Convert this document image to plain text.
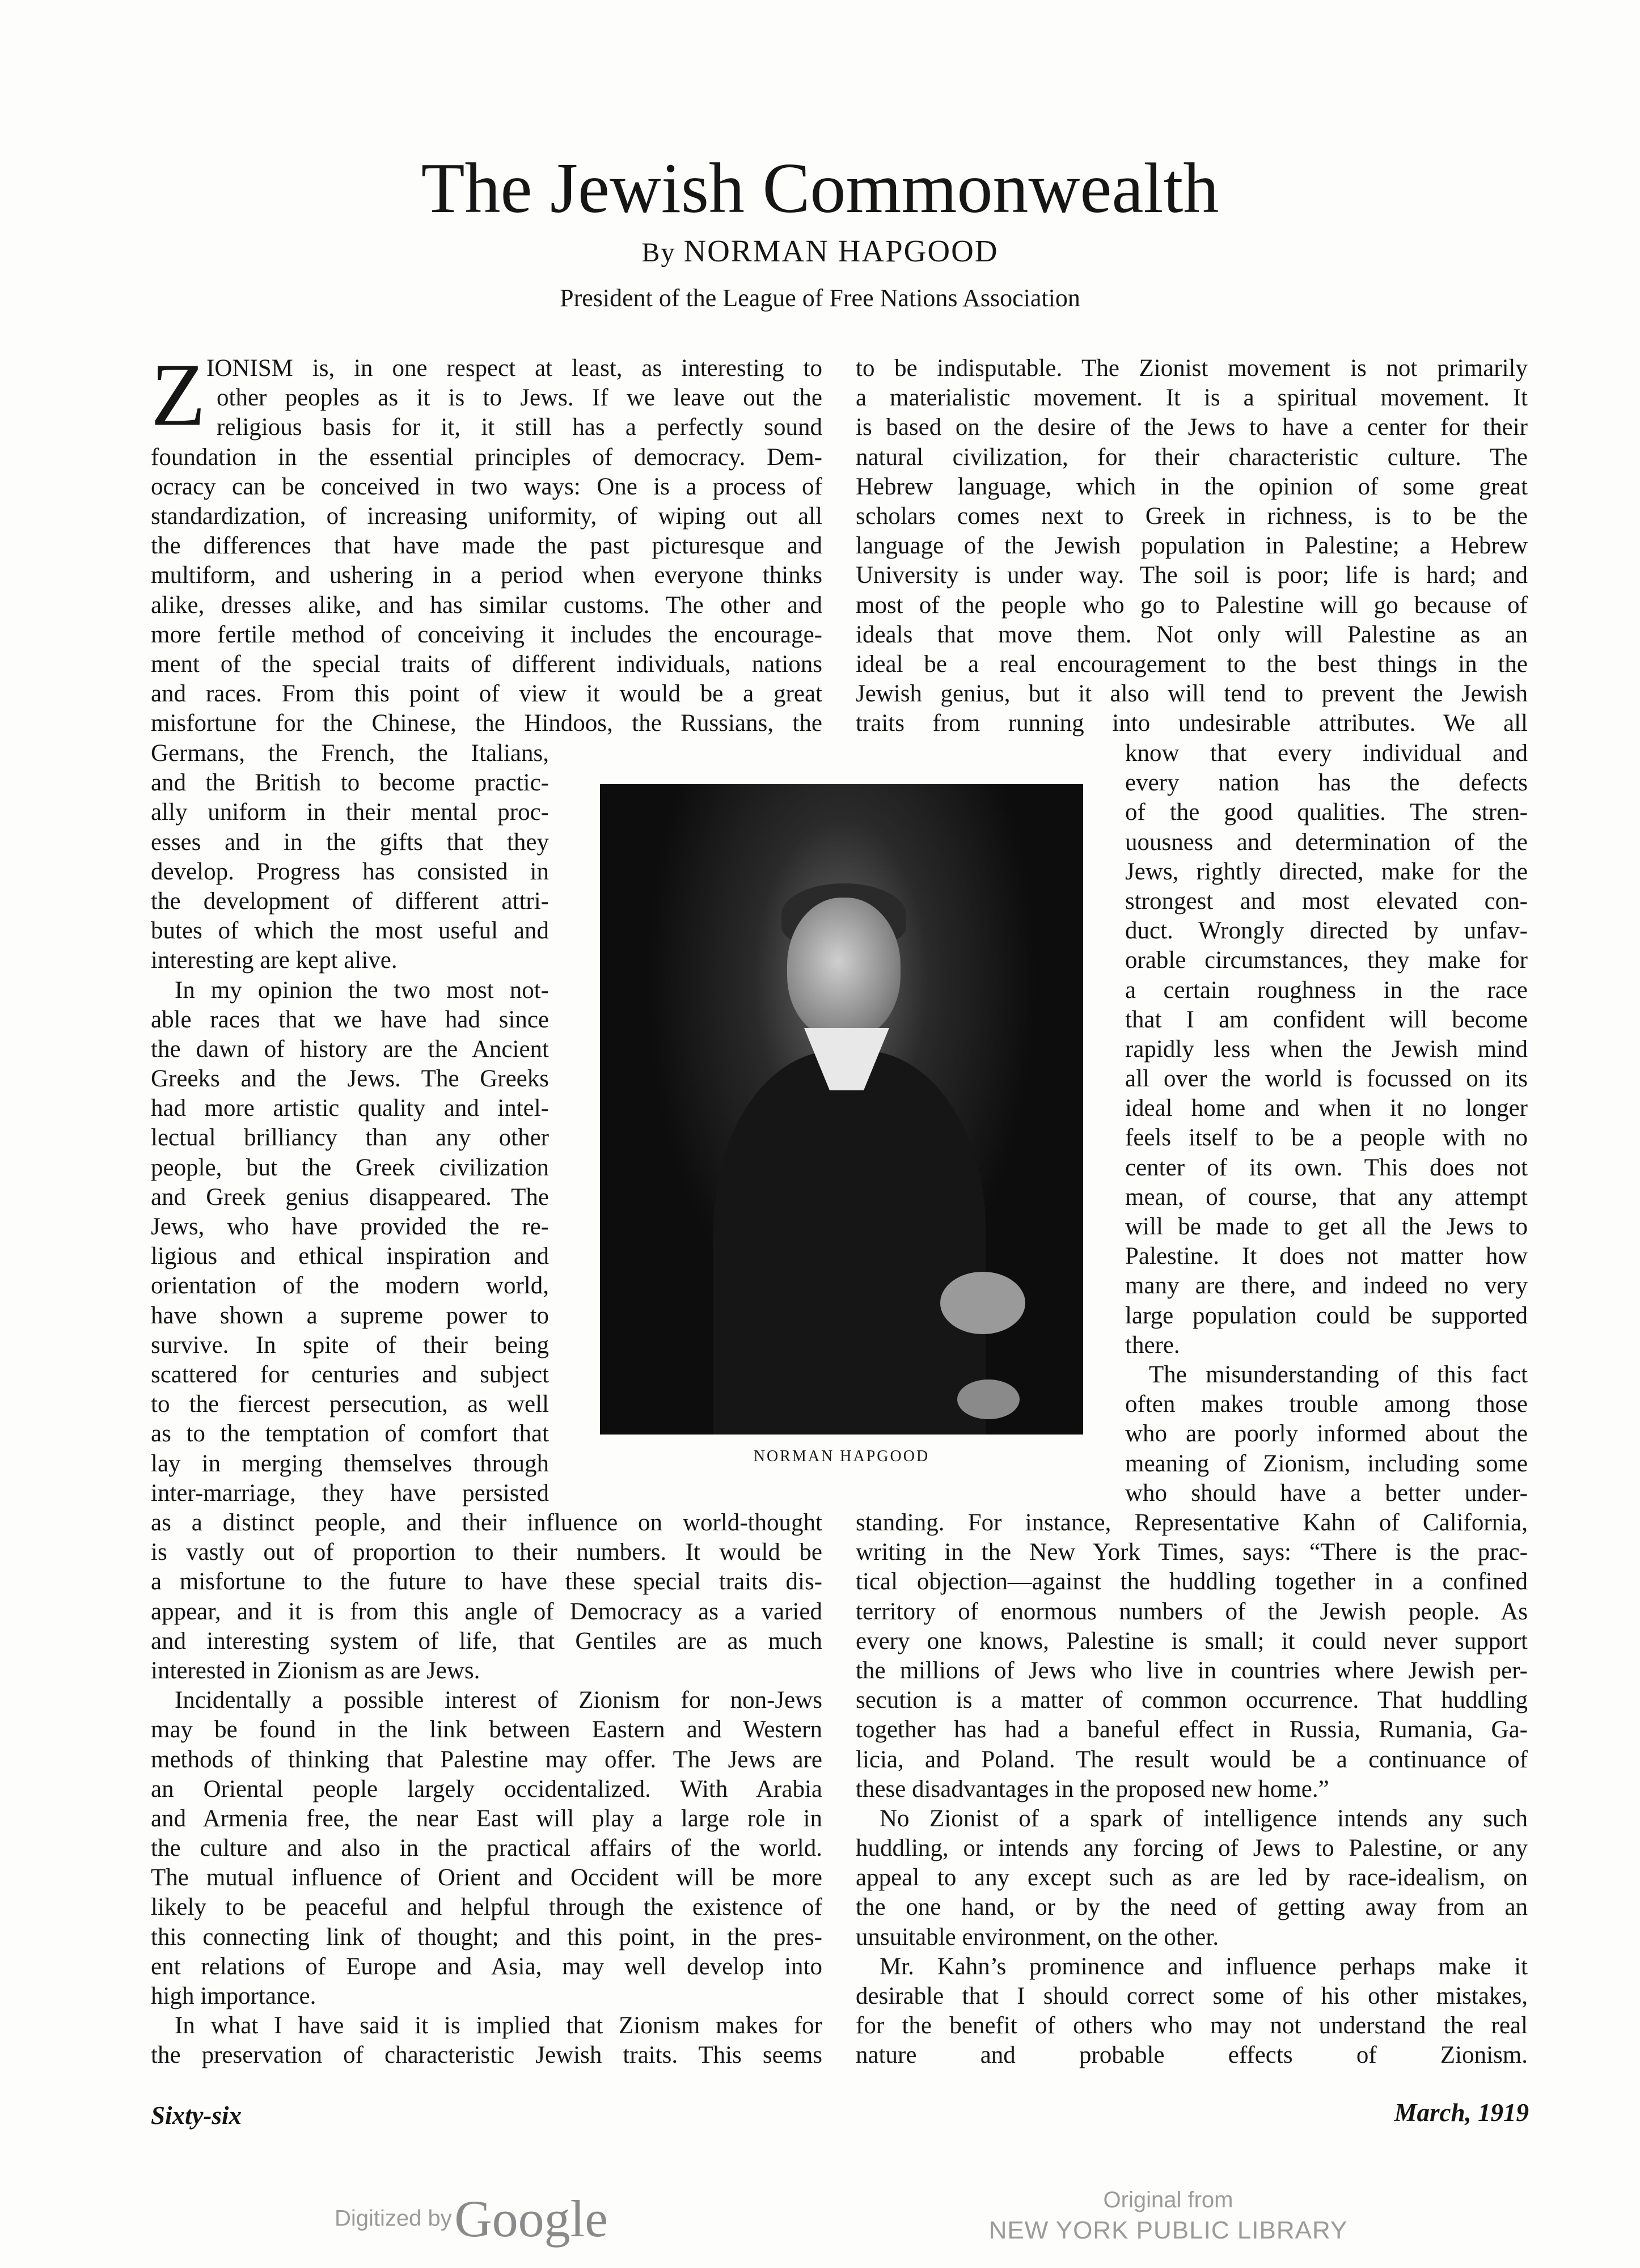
The Jewish Commonwealth
By NORMAN HAPGOOD
President of the League of Free Nations Association
Z IONISM is, in one respect at least, as interesting to
other peoples as it is to Jews. If we leave out the
religious basis for it, it still has a perfectly sound
foundation in the essential principles of democracy. Dem-
ocracy can be conceived in two ways: One is a process of
standardization, of increasing uniformity, of wiping out all
the differences that have made the past picturesque and
multiform, and ushering in a period when everyone thinks
alike, dresses alike, and has similar customs. The other and
more fertile method of conceiving it includes the encourage-
ment of the special traits of different individuals, nations
and races. From this point of view it would be a great
misfortune for the Chinese, the Hindoos, the Russians, the
Germans, the French, the Italians,
and the British to become practic-
ally uniform in their mental proc-
esses and in the gifts that they
develop. Progress has consisted in
the development of different attri-
butes of which the most useful and
interesting are kept alive.
In my opinion the two most not-
able races that we have had since
the dawn of history are the Ancient
Greeks and the Jews. The Greeks
had more artistic quality and intel-
lectual brilliancy than any other
people, but the Greek civilization
and Greek genius disappeared. The
Jews, who have provided the re-
ligious and ethical inspiration and
orientation of the modern world,
have shown a supreme power to
survive. In spite of their being
scattered for centuries and subject
to the fiercest persecution, as well
as to the temptation of comfort that
lay in merging themselves through
inter-marriage, they have persisted
as a distinct people, and their influence on world-thought
is vastly out of proportion to their numbers. It would be
a misfortune to the future to have these special traits dis-
appear, and it is from this angle of Democracy as a varied
and interesting system of life, that Gentiles are as much
interested in Zionism as are Jews.
Incidentally a possible interest of Zionism for non-Jews
may be found in the link between Eastern and Western
methods of thinking that Palestine may offer. The Jews are
an Oriental people largely occidentalized. With Arabia
and Armenia free, the near East will play a large role in
the culture and also in the practical affairs of the world.
The mutual influence of Orient and Occident will be more
likely to be peaceful and helpful through the existence of
this connecting link of thought; and this point, in the pres-
ent relations of Europe and Asia, may well develop into
high importance.
In what I have said it is implied that Zionism makes for
the preservation of characteristic Jewish traits. This seems
to be indisputable. The Zionist movement is not primarily
a materialistic movement. It is a spiritual movement. It
is based on the desire of the Jews to have a center for their
natural civilization, for their characteristic culture. The
Hebrew language, which in the opinion of some great
scholars comes next to Greek in richness, is to be the
language of the Jewish population in Palestine; a Hebrew
University is under way. The soil is poor; life is hard; and
most of the people who go to Palestine will go because of
ideals that move them. Not only will Palestine as an
ideal be a real encouragement to the best things in the
Jewish genius, but it also will tend to prevent the Jewish
traits from running into undesirable attributes. We all
know that every individual and
every nation has the defects
of the good qualities. The stren-
uousness and determination of the
Jews, rightly directed, make for the
strongest and most elevated con-
duct. Wrongly directed by unfav-
orable circumstances, they make for
a certain roughness in the race
that I am confident will become
rapidly less when the Jewish mind
all over the world is focussed on its
ideal home and when it no longer
feels itself to be a people with no
center of its own. This does not
mean, of course, that any attempt
will be made to get all the Jews to
Palestine. It does not matter how
many are there, and indeed no very
large population could be supported
there.
The misunderstanding of this fact
often makes trouble among those
who are poorly informed about the
meaning of Zionism, including some
who should have a better under-
standing. For instance, Representative Kahn of California,
writing in the New York Times, says: “There is the prac-
tical objection—against the huddling together in a confined
territory of enormous numbers of the Jewish people. As
every one knows, Palestine is small; it could never support
the millions of Jews who live in countries where Jewish per-
secution is a matter of common occurrence. That huddling
together has had a baneful effect in Russia, Rumania, Ga-
licia, and Poland. The result would be a continuance of
these disadvantages in the proposed new home.”
No Zionist of a spark of intelligence intends any such
huddling, or intends any forcing of Jews to Palestine, or any
appeal to any except such as are led by race-idealism, on
the one hand, or by the need of getting away from an
unsuitable environment, on the other.
Mr. Kahn’s prominence and influence perhaps make it
desirable that I should correct some of his other mistakes,
for the benefit of others who may not understand the real
nature and probable effects of Zionism.
NORMAN HAPGOOD
Sixty-six	March, 1919
Digitized by Google	Original from
NEW YORK PUBLIC LIBRARY
